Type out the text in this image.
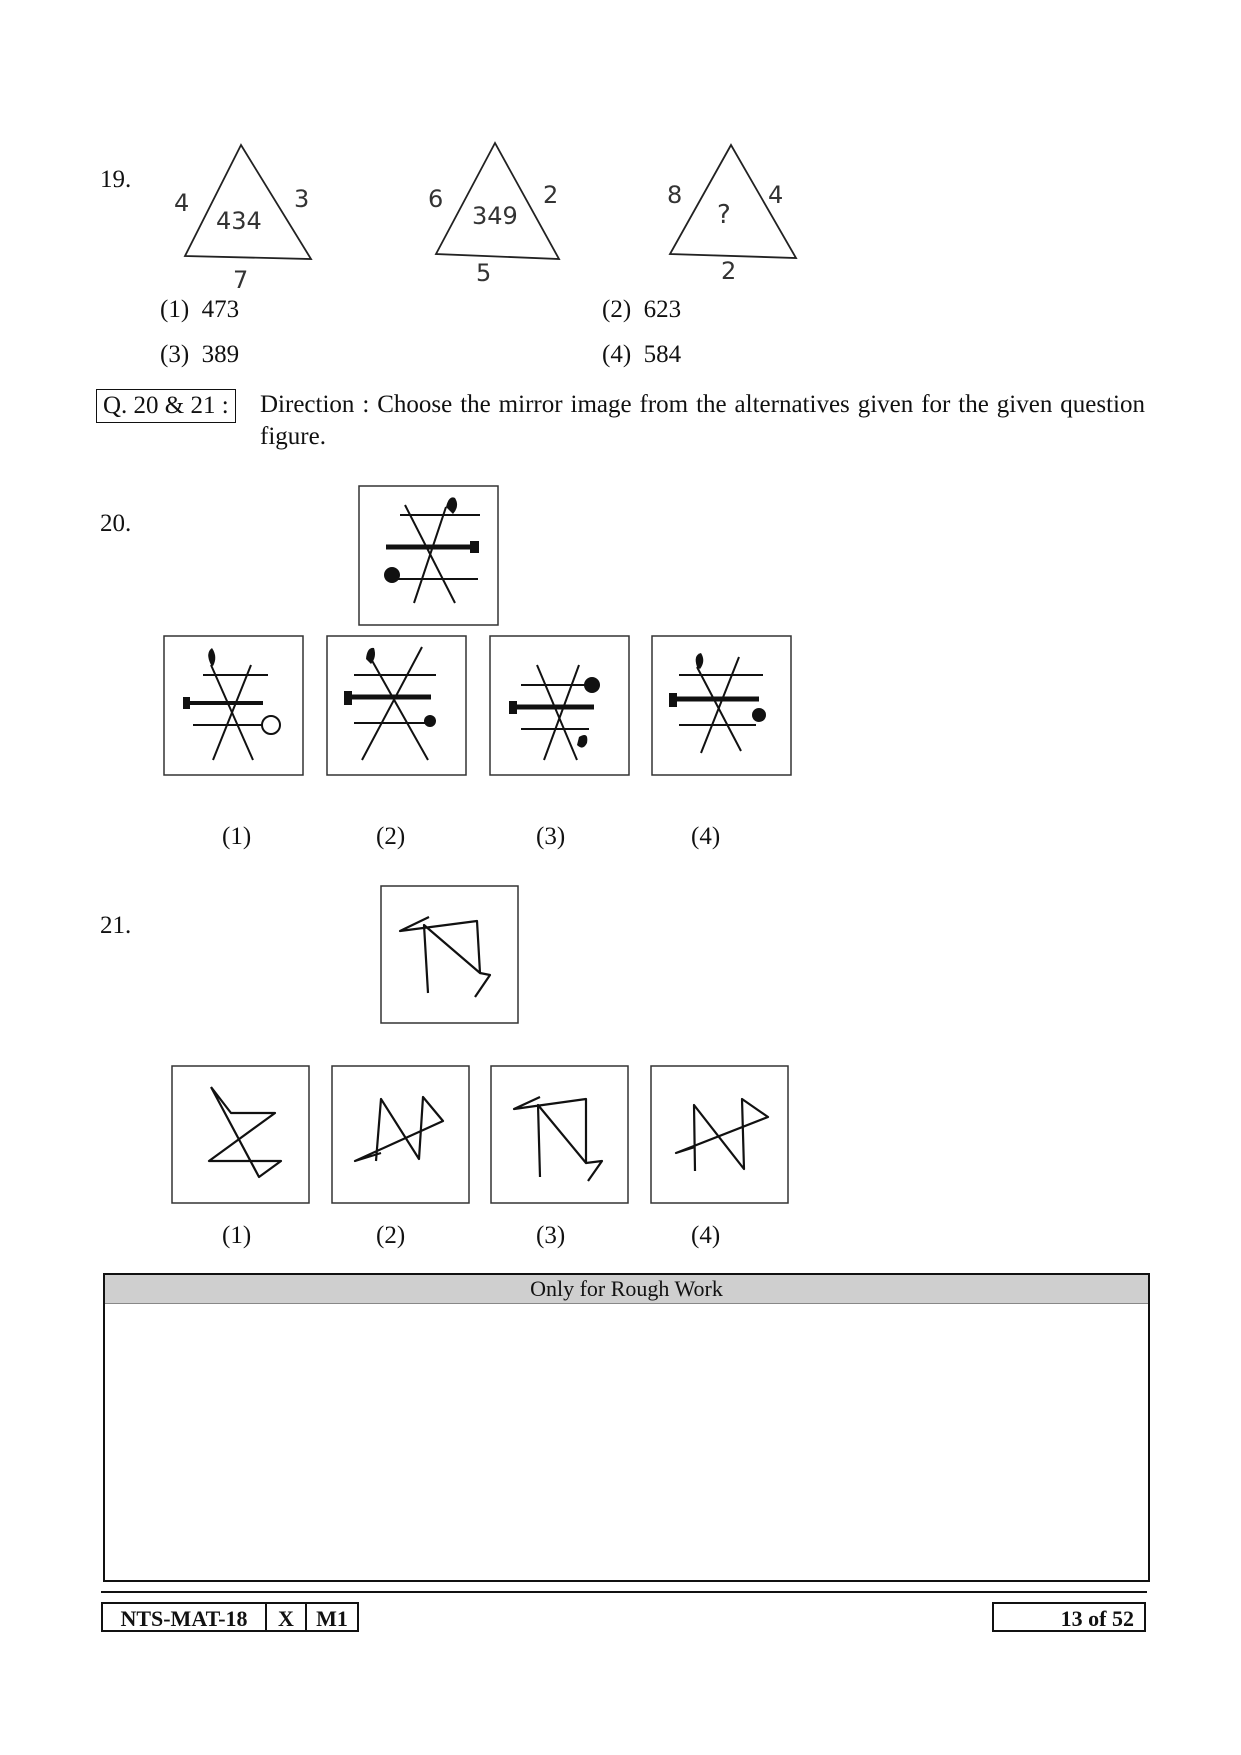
19.
4	3
7
434
6	2
5
349
8	4
2
?
(1) 473	(2) 623
(3) 389	(4) 584
Q. 20 & 21 : Direction : Choose the mirror image from the alternatives given for the given question figure.
20.
(1)	(2)	(3)	(4)
21.
(1)	(2)	(3)	(4)
Only for Rough Work
NTS-MAT-18	X	M1	13 of 52
